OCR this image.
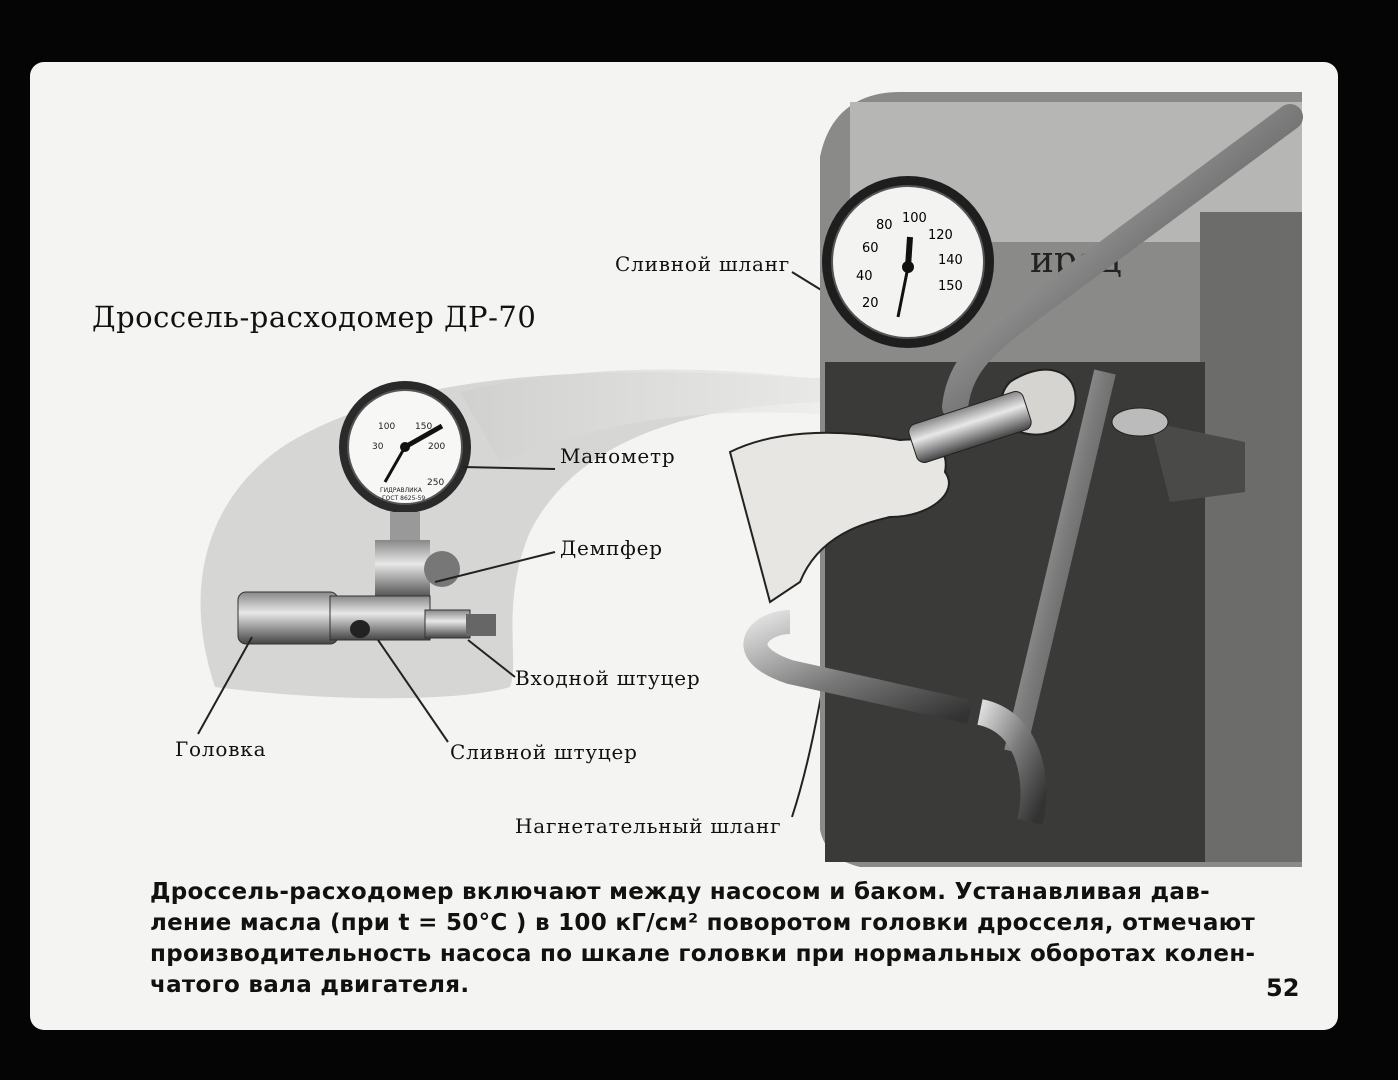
30
100 150
200
250
ГИДРАВЛИКА
ГОСТ 8625-59
ирец
20
40
60
80 100
120
140
150
Дроссель-расходомер ДР-70
Сливной шланг
Манометр
Демпфер
Входной штуцер
Головка	Сливной штуцер
Нагнетательный шланг

Дроссель-расходомер включают между насосом и баком. Устанавливая дав-

ление масла (при t = 50°C ) в 100 кГ/см² поворотом головки дросселя, отмечают

производительность насоса по шкале головки при нормальных оборотах колен-

чатого вала двигателя.	52
